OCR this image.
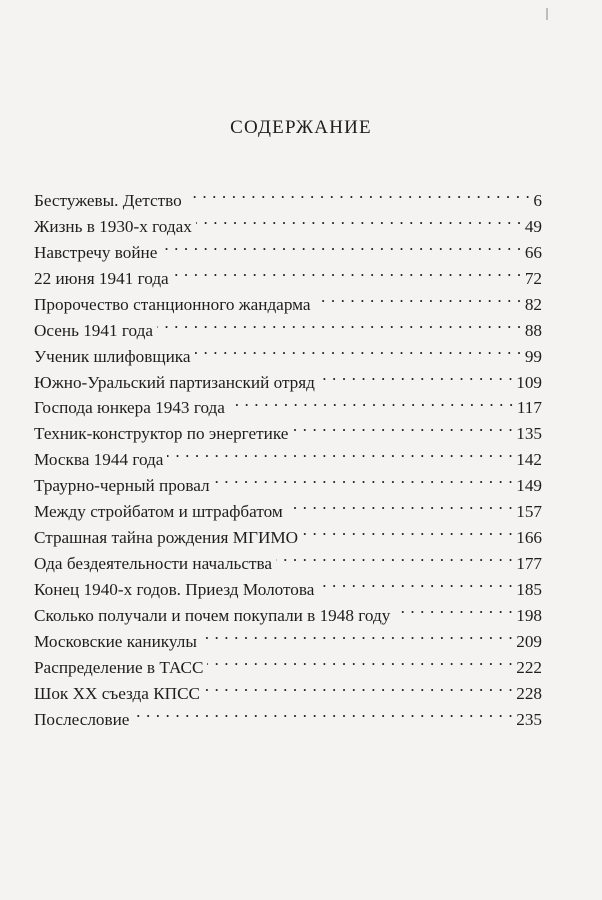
СОДЕРЖАНИЕ
Бестужевы. Детство . . .	6
Жизнь в 1930-х годах . . .	49
Навстречу войне . . .	66
22 июня 1941 года . . .	72
Пророчество станционного жандарма . . .	82
Осень 1941 года . . .	88
Ученик шлифовщика . . .	99
Южно-Уральский партизанский отряд . . .	109
Господа юнкера 1943 года . . .	117
Техник-конструктор по энергетике . . .	135
Москва 1944 года . . .	142
Траурно-черный провал . . .	149
Между стройбатом и штрафбатом . . .	157
Страшная тайна рождения МГИМО . . .	166
Ода бездеятельности начальства . . .	177
Конец 1940-х годов. Приезд Молотова . . .	185
Сколько получали и почем покупали в 1948 году . . .	198
Московские каникулы . . .	209
Распределение в ТАСС . . .	222
Шок XX съезда КПСС . . .	228
Послесловие . . .	235
